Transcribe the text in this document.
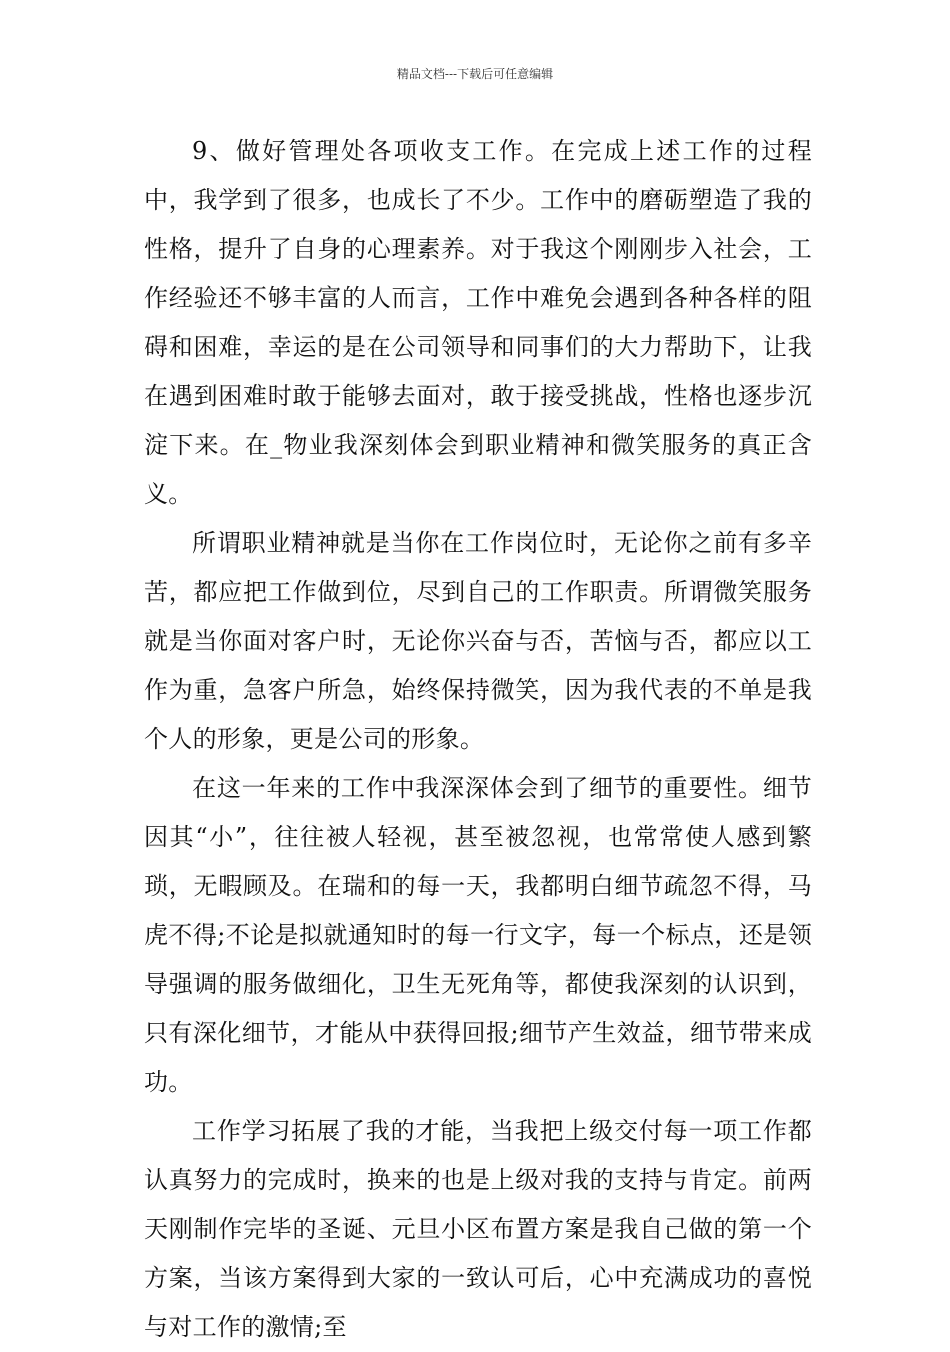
精品文档---下载后可任意编辑

9、做好管理处各项收支工作。在完成上述工作的过程中，我学到了很多，也成长了不少。工作中的磨砺塑造了我的性格，提升了自身的心理素养。对于我这个刚刚步入社会，工作经验还不够丰富的人而言，工作中难免会遇到各种各样的阻碍和困难，幸运的是在公司领导和同事们的大力帮助下，让我在遇到困难时敢于能够去面对，敢于接受挑战，性格也逐步沉淀下来。在_物业我深刻体会到职业精神和微笑服务的真正含义。

所谓职业精神就是当你在工作岗位时，无论你之前有多辛苦，都应把工作做到位，尽到自己的工作职责。所谓微笑服务就是当你面对客户时，无论你兴奋与否，苦恼与否，都应以工作为重，急客户所急，始终保持微笑，因为我代表的不单是我个人的形象，更是公司的形象。

在这一年来的工作中我深深体会到了细节的重要性。细节因其“小”，往往被人轻视，甚至被忽视，也常常使人感到繁琐，无暇顾及。在瑞和的每一天，我都明白细节疏忽不得，马虎不得;不论是拟就通知时的每一行文字，每一个标点，还是领导强调的服务做细化，卫生无死角等，都使我深刻的认识到，只有深化细节，才能从中获得回报;细节产生效益，细节带来成功。

工作学习拓展了我的才能，当我把上级交付每一项工作都认真努力的完成时，换来的也是上级对我的支持与肯定。前两天刚制作完毕的圣诞、元旦小区布置方案是我自己做的第一个方案，当该方案得到大家的一致认可后，心中充满成功的喜悦与对工作的激情;至
